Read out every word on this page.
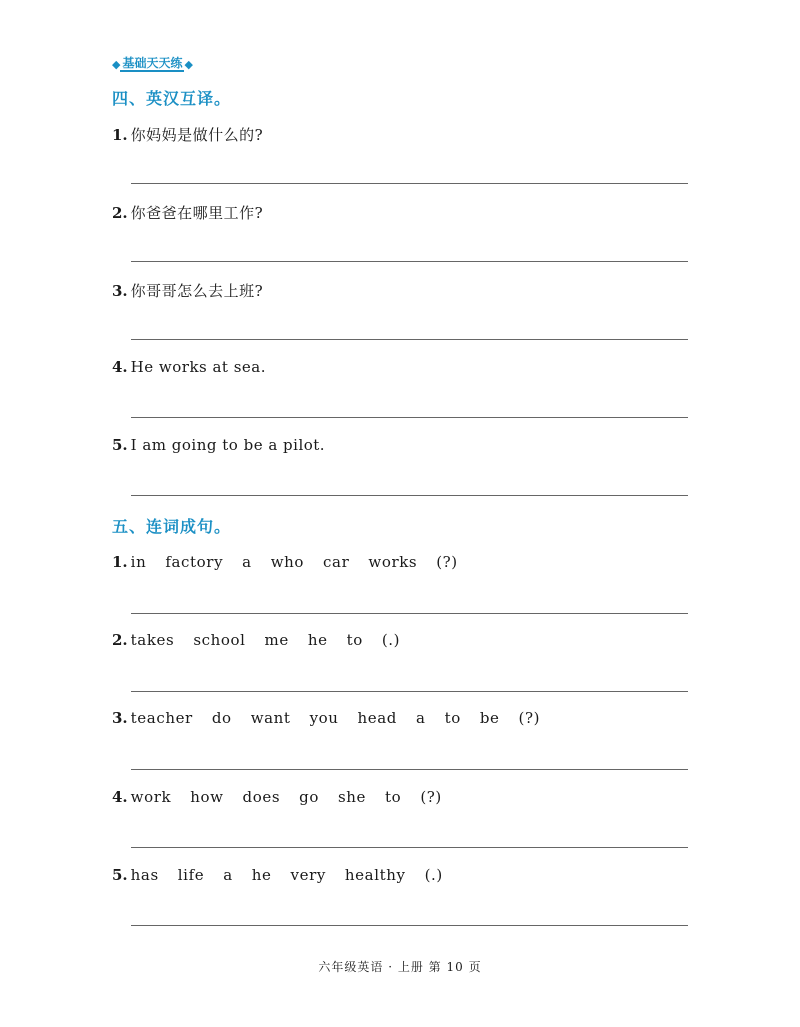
◆ 基础天天练 ◆
四、英汉互译。
1. 你妈妈是做什么的?
2. 你爸爸在哪里工作?
3. 你哥哥怎么去上班?
4. He works at sea.
5. I am going to be a pilot.
五、连词成句。
1. in factory a who car works (?)
2. takes school me he to (.)
3. teacher do want you head a to be (?)
4. work how does go she to (?)
5. has life a he very healthy (.)
六年级英语 · 上册 第 10 页
